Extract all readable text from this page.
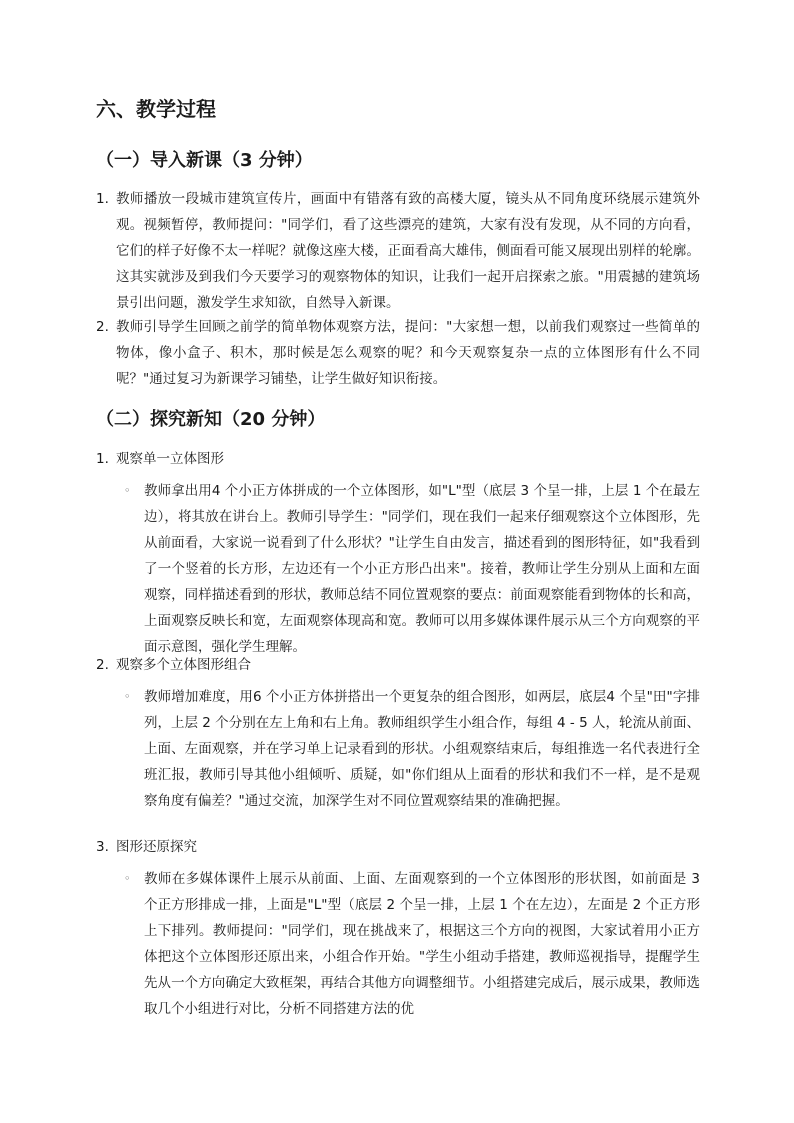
六、教学过程
（一）导入新课（3 分钟）
1. 教师播放一段城市建筑宣传片，画面中有错落有致的高楼大厦，镜头从不同角度环绕展示建筑外观。视频暂停，教师提问："同学们，看了这些漂亮的建筑，大家有没有发现，从不同的方向看，它们的样子好像不太一样呢？就像这座大楼，正面看高大雄伟，侧面看可能又展现出别样的轮廓。这其实就涉及到我们今天要学习的观察物体的知识，让我们一起开启探索之旅。"用震撼的建筑场景引出问题，激发学生求知欲，自然导入新课。
2. 教师引导学生回顾之前学的简单物体观察方法，提问："大家想一想，以前我们观察过一些简单的物体，像小盒子、积木，那时候是怎么观察的呢？和今天观察复杂一点的立体图形有什么不同呢？"通过复习为新课学习铺垫，让学生做好知识衔接。
（二）探究新知（20 分钟）
1. 观察单一立体图形
◦ 教师拿出用4 个小正方体拼成的一个立体图形，如"L"型（底层 3 个呈一排，上层 1 个在最左边），将其放在讲台上。教师引导学生："同学们，现在我们一起来仔细观察这个立体图形，先从前面看，大家说一说看到了什么形状？"让学生自由发言，描述看到的图形特征，如"我看到了一个竖着的长方形，左边还有一个小正方形凸出来"。接着，教师让学生分别从上面和左面观察，同样描述看到的形状，教师总结不同位置观察的要点：前面观察能看到物体的长和高，上面观察反映长和宽，左面观察体现高和宽。教师可以用多媒体课件展示从三个方向观察的平面示意图，强化学生理解。
2. 观察多个立体图形组合
◦ 教师增加难度，用6 个小正方体拼搭出一个更复杂的组合图形，如两层，底层4 个呈"田"字排列，上层 2 个分别在左上角和右上角。教师组织学生小组合作，每组 4 - 5 人，轮流从前面、上面、左面观察，并在学习单上记录看到的形状。小组观察结束后，每组推选一名代表进行全班汇报，教师引导其他小组倾听、质疑，如"你们组从上面看的形状和我们不一样，是不是观察角度有偏差？"通过交流，加深学生对不同位置观察结果的准确把握。
3. 图形还原探究
◦ 教师在多媒体课件上展示从前面、上面、左面观察到的一个立体图形的形状图，如前面是 3 个正方形排成一排，上面是"L"型（底层 2 个呈一排，上层 1 个在左边），左面是 2 个正方形上下排列。教师提问："同学们，现在挑战来了，根据这三个方向的视图，大家试着用小正方体把这个立体图形还原出来，小组合作开始。"学生小组动手搭建，教师巡视指导，提醒学生先从一个方向确定大致框架，再结合其他方向调整细节。小组搭建完成后，展示成果，教师选取几个小组进行对比，分析不同搭建方法的优
